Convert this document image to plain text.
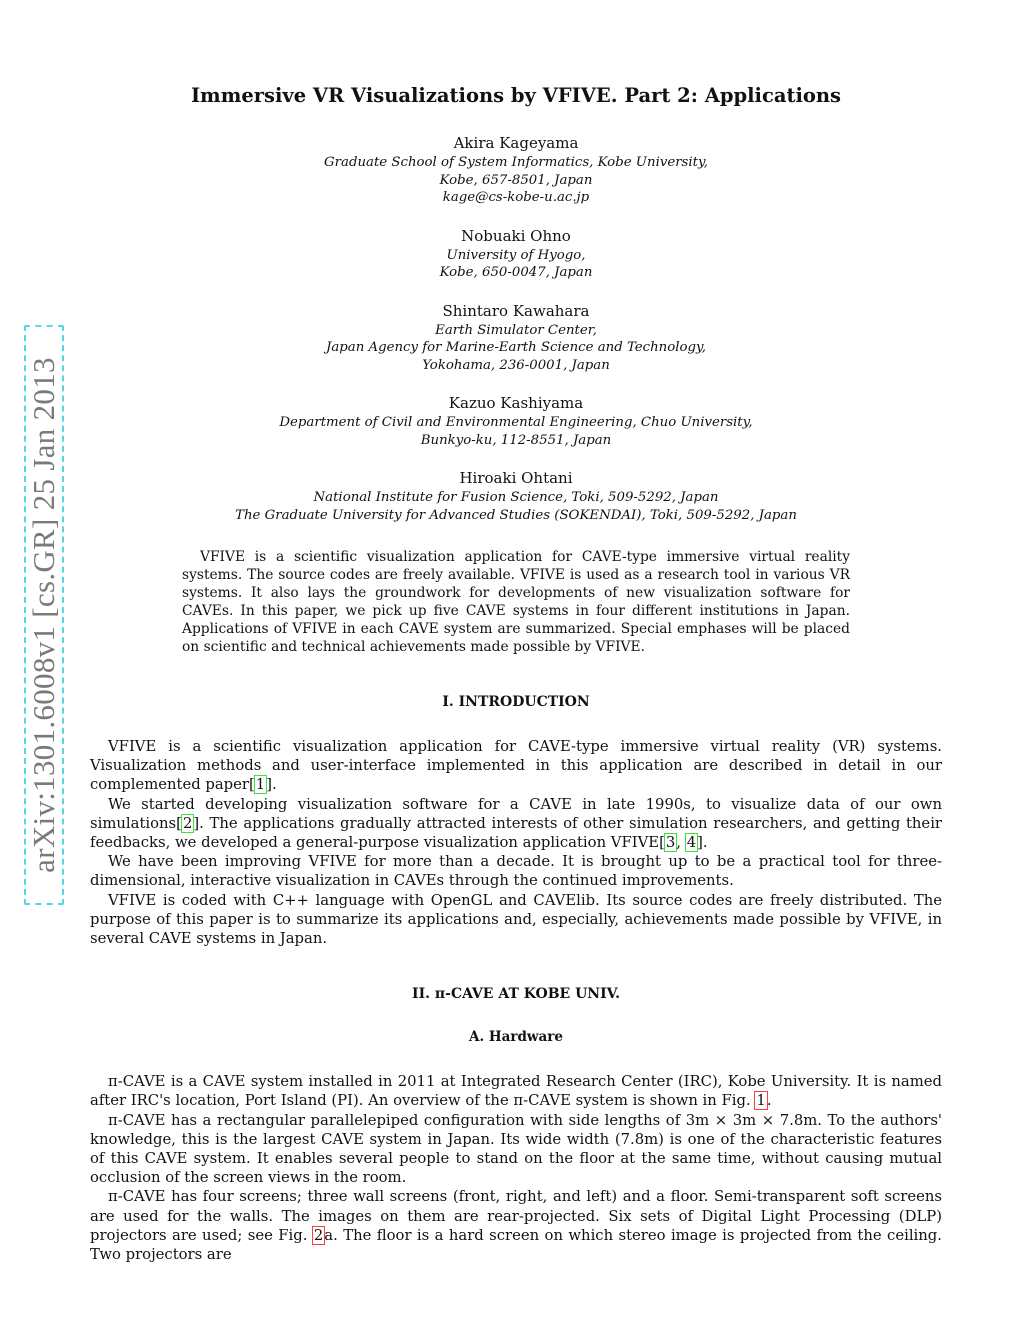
arXiv:1301.6008v1 [cs.GR] 25 Jan 2013
Immersive VR Visualizations by VFIVE. Part 2: Applications
Akira Kageyama
Graduate School of System Informatics, Kobe University,
Kobe, 657-8501, Japan
kage@cs-kobe-u.ac.jp
Nobuaki Ohno
University of Hyogo,
Kobe, 650-0047, Japan
Shintaro Kawahara
Earth Simulator Center,
Japan Agency for Marine-Earth Science and Technology,
Yokohama, 236-0001, Japan
Kazuo Kashiyama
Department of Civil and Environmental Engineering, Chuo University,
Bunkyo-ku, 112-8551, Japan
Hiroaki Ohtani
National Institute for Fusion Science, Toki, 509-5292, Japan
The Graduate University for Advanced Studies (SOKENDAI), Toki, 509-5292, Japan
VFIVE is a scientific visualization application for CAVE-type immersive virtual reality systems. The source codes are freely available. VFIVE is used as a research tool in various VR systems. It also lays the groundwork for developments of new visualization software for CAVEs. In this paper, we pick up five CAVE systems in four different institutions in Japan. Applications of VFIVE in each CAVE system are summarized. Special emphases will be placed on scientific and technical achievements made possible by VFIVE.
I. INTRODUCTION

VFIVE is a scientific visualization application for CAVE-type immersive virtual reality (VR) systems. Visualization methods and user-interface implemented in this application are described in detail in our complemented paper[1].

We started developing visualization software for a CAVE in late 1990s, to visualize data of our own simulations[2]. The applications gradually attracted interests of other simulation researchers, and getting their feedbacks, we developed a general-purpose visualization application VFIVE[3, 4].

We have been improving VFIVE for more than a decade. It is brought up to be a practical tool for three-dimensional, interactive visualization in CAVEs through the continued improvements.

VFIVE is coded with C++ language with OpenGL and CAVElib. Its source codes are freely distributed. The purpose of this paper is to summarize its applications and, especially, achievements made possible by VFIVE, in several CAVE systems in Japan.

II. π-CAVE AT KOBE UNIV.
A. Hardware

π-CAVE is a CAVE system installed in 2011 at Integrated Research Center (IRC), Kobe University. It is named after IRC's location, Port Island (PI). An overview of the π-CAVE system is shown in Fig. 1.

π-CAVE has a rectangular parallelepiped configuration with side lengths of 3m × 3m × 7.8m. To the authors' knowledge, this is the largest CAVE system in Japan. Its wide width (7.8m) is one of the characteristic features of this CAVE system. It enables several people to stand on the floor at the same time, without causing mutual occlusion of the screen views in the room.

π-CAVE has four screens; three wall screens (front, right, and left) and a floor. Semi-transparent soft screens are used for the walls. The images on them are rear-projected. Six sets of Digital Light Processing (DLP) projectors are used; see Fig. 2a. The floor is a hard screen on which stereo image is projected from the ceiling. Two projectors are
